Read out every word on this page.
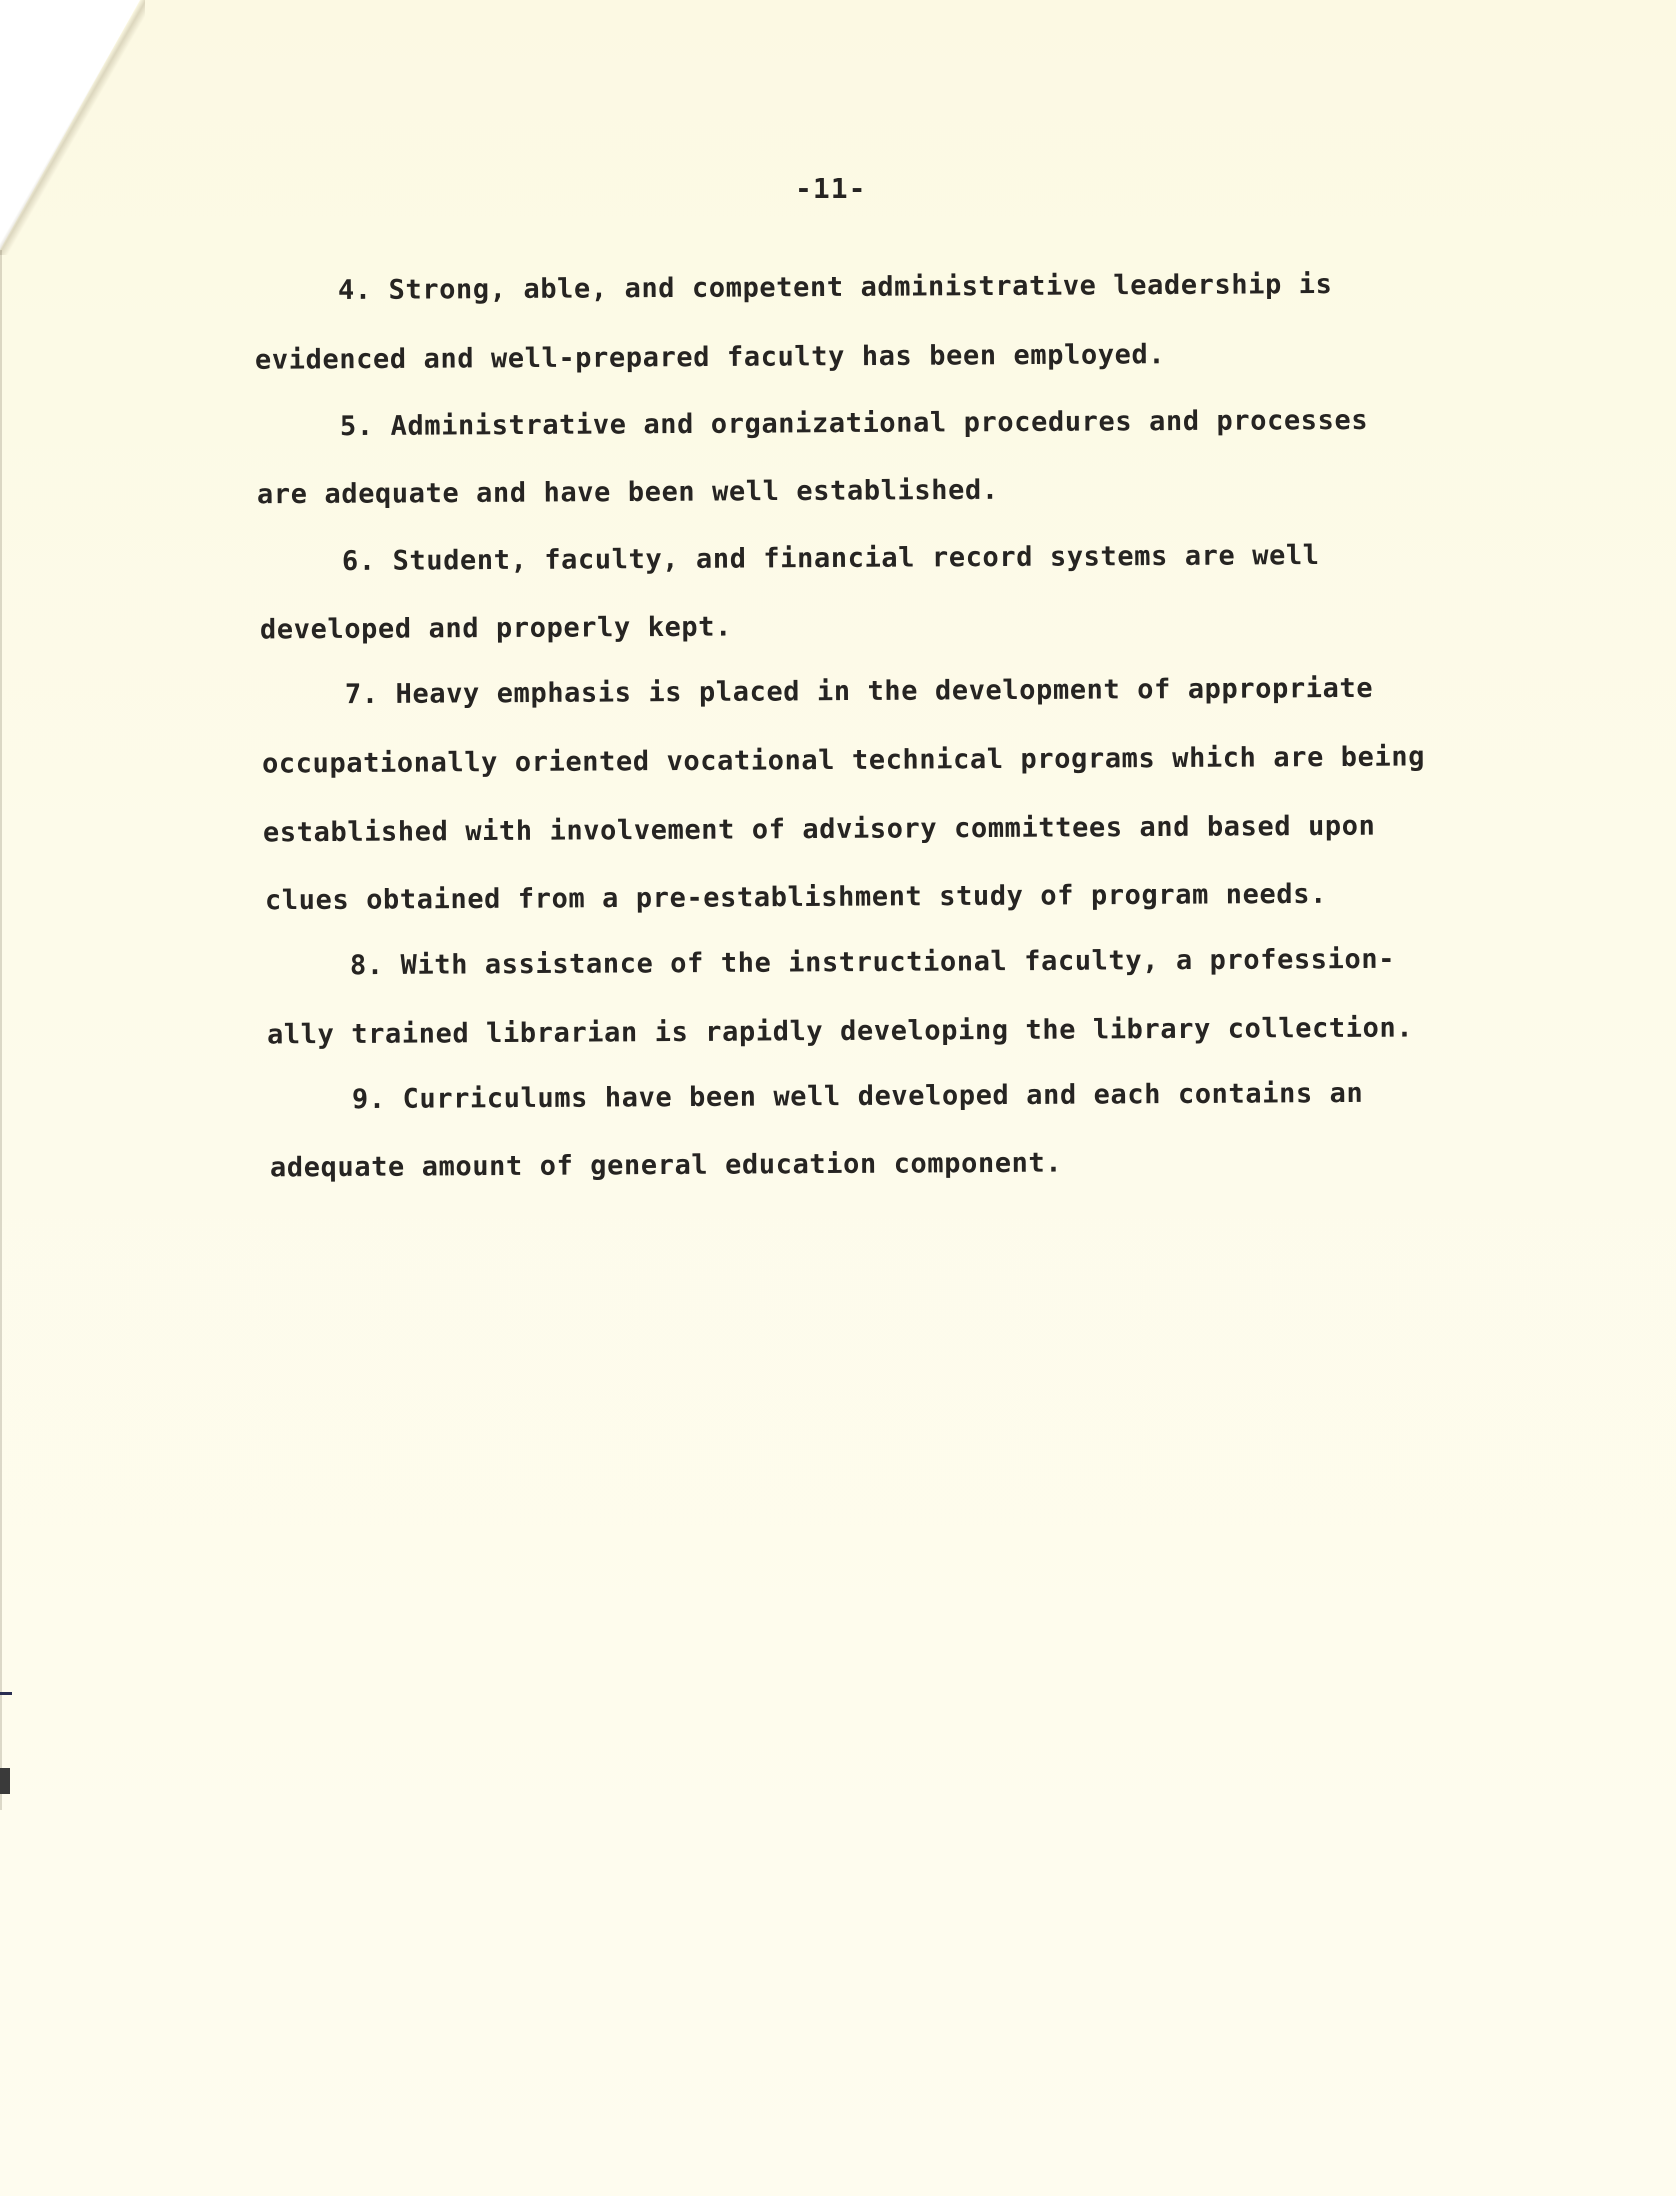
-11-
4. Strong, able, and competent administrative leadership is
evidenced and well-prepared faculty has been employed.
5. Administrative and organizational procedures and processes
are adequate and have been well established.
6. Student, faculty, and financial record systems are well
developed and properly kept.
7. Heavy emphasis is placed in the development of appropriate
occupationally oriented vocational technical programs which are being
established with involvement of advisory committees and based upon
clues obtained from a pre-establishment study of program needs.
8. With assistance of the instructional faculty, a profession-
ally trained librarian is rapidly developing the library collection.
9. Curriculums have been well developed and each contains an
adequate amount of general education component.
